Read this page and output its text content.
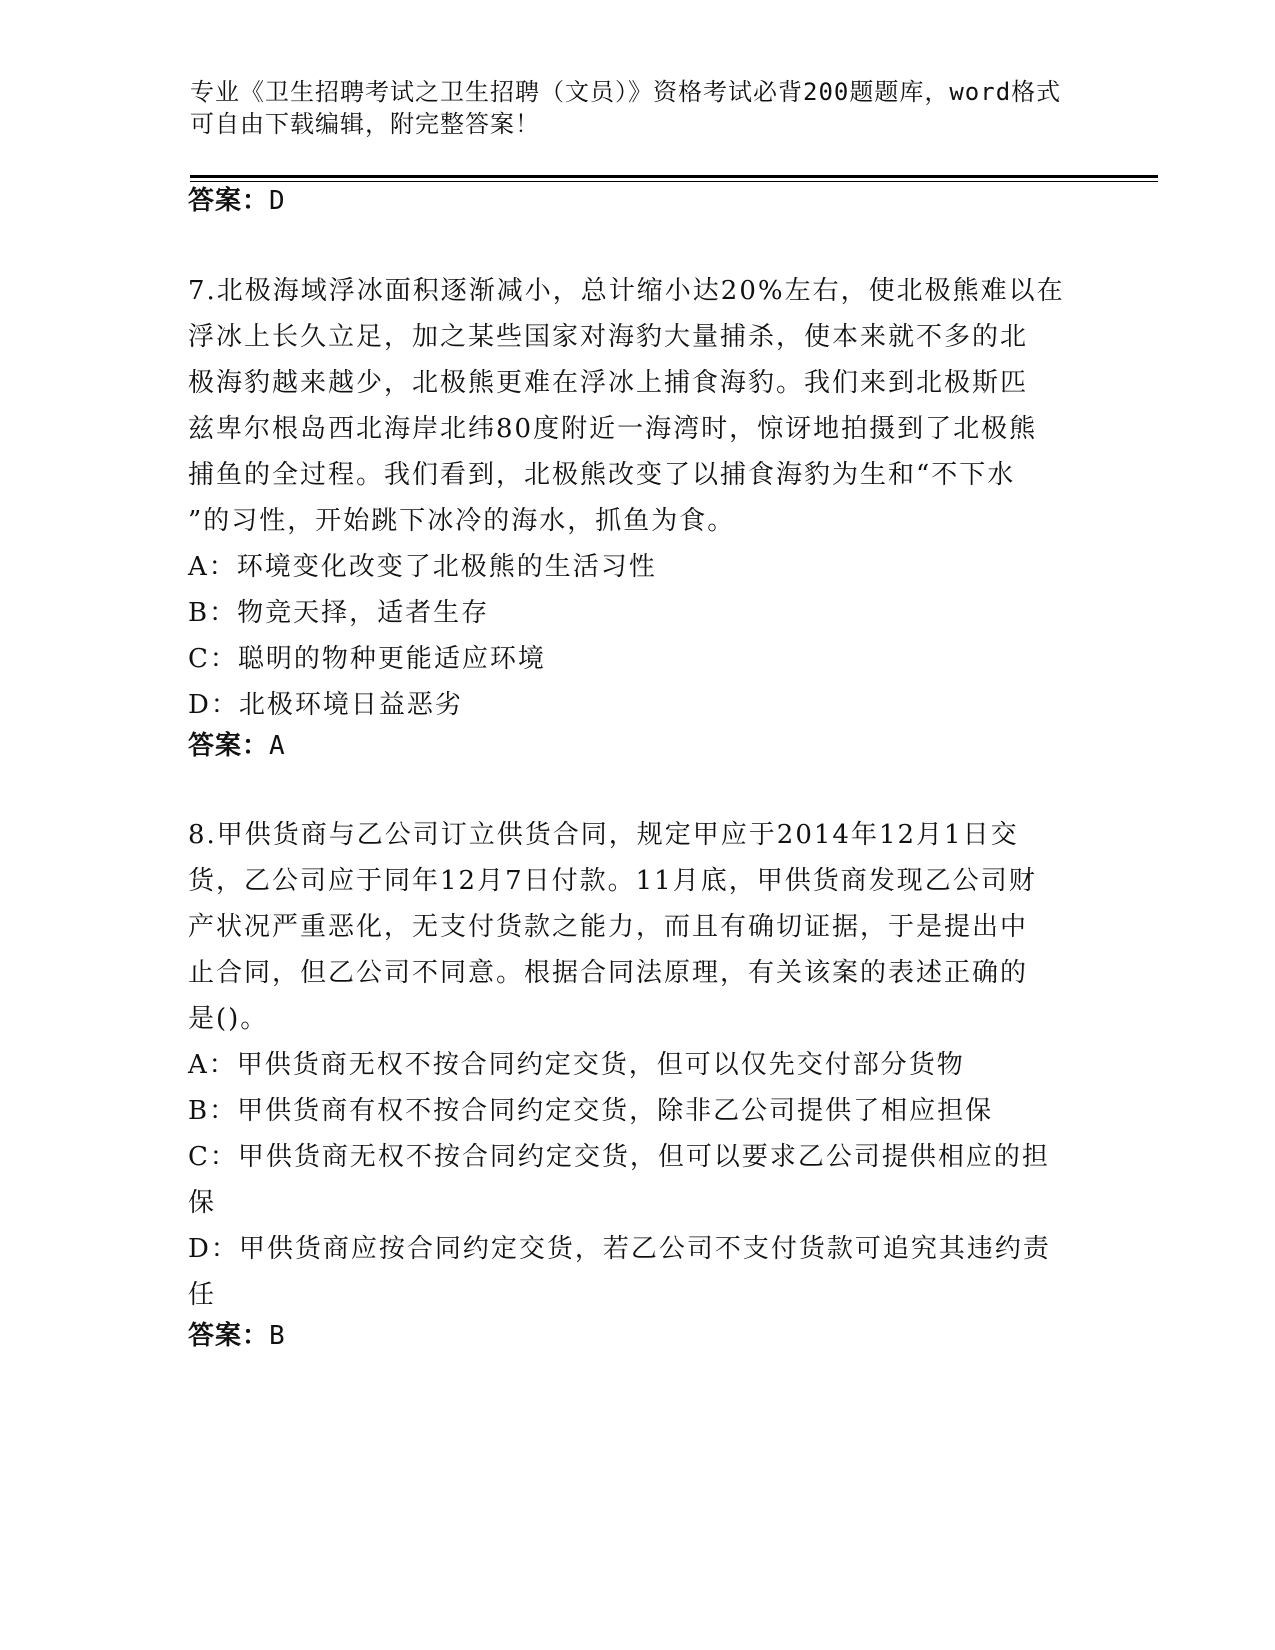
专业《卫生招聘考试之卫生招聘（文员）》资格考试必背200题题库，word格式
可自由下载编辑，附完整答案！
答案：D
7.北极海域浮冰面积逐渐减小，总计缩小达20%左右，使北极熊难以在
浮冰上长久立足，加之某些国家对海豹大量捕杀，使本来就不多的北
极海豹越来越少，北极熊更难在浮冰上捕食海豹。我们来到北极斯匹
兹卑尔根岛西北海岸北纬80度附近一海湾时，惊讶地拍摄到了北极熊
捕鱼的全过程。我们看到，北极熊改变了以捕食海豹为生和“不下水
”的习性，开始跳下冰冷的海水，抓鱼为食。
A：环境变化改变了北极熊的生活习性
B：物竞天择，适者生存
C：聪明的物种更能适应环境
D：北极环境日益恶劣
答案：A
8.甲供货商与乙公司订立供货合同，规定甲应于2014年12月1日交
货，乙公司应于同年12月7日付款。11月底，甲供货商发现乙公司财
产状况严重恶化，无支付货款之能力，而且有确切证据，于是提出中
止合同，但乙公司不同意。根据合同法原理，有关该案的表述正确的
是()。
A：甲供货商无权不按合同约定交货，但可以仅先交付部分货物
B：甲供货商有权不按合同约定交货，除非乙公司提供了相应担保
C：甲供货商无权不按合同约定交货，但可以要求乙公司提供相应的担
保
D：甲供货商应按合同约定交货，若乙公司不支付货款可追究其违约责
任
答案：B
